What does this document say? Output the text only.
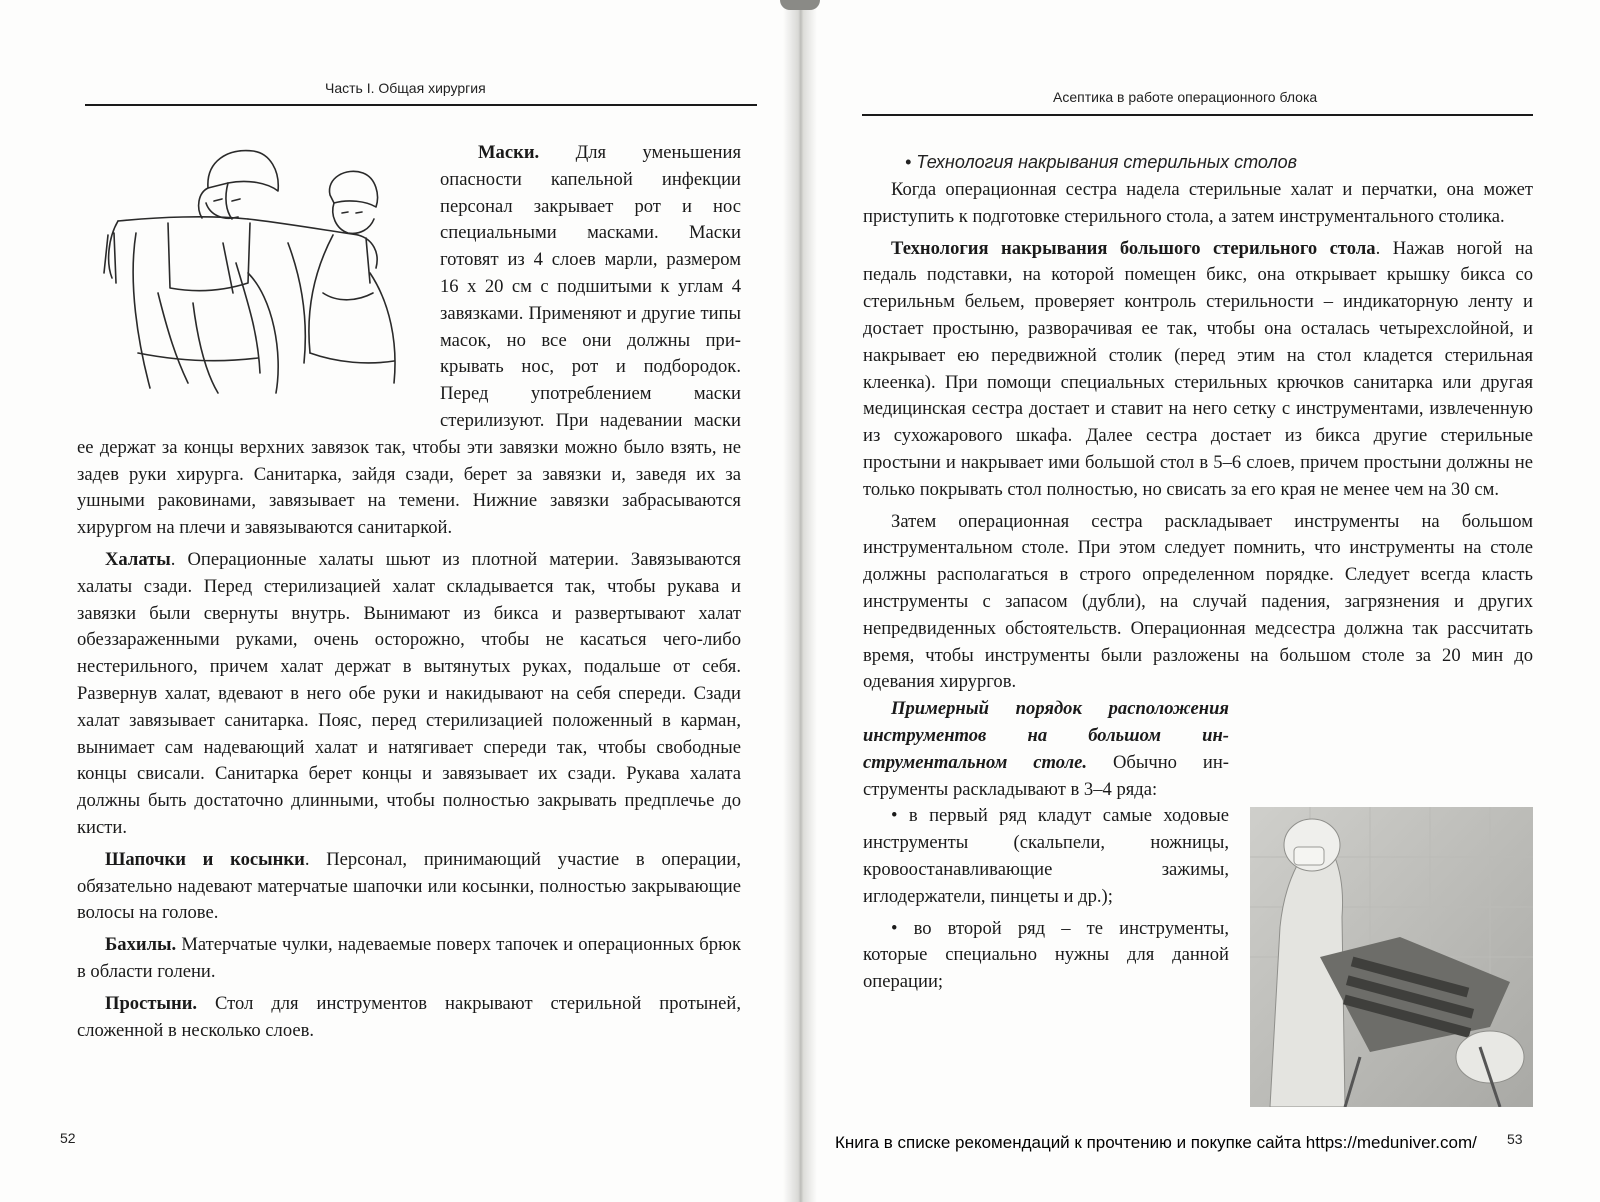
Часть I. Общая хирургия

Маски. Для уменьшения опасности капельной инфекции персонал закрывает рот и нос специальными масками. Маски готовят из 4 слоев марли, размером 16 х 20 см с подшитыми к углам 4 завязками. Применяют и другие типы масок, но все они должны прикрывать нос, рот и подбородок. Перед употреблением маски стерилизуют. При надевании маски ее держат за концы верхних завязок так, чтобы эти завязки можно было взять, не задев руки хирурга. Санитарка, зайдя сзади, берет за завязки и, заведя их за ушными раковинами, завязывает на темени. Нижние завязки забрасываются хирургом на плечи и завязываются санитаркой.

Халаты. Операционные халаты шьют из плотной материи. Завязываются халаты сзади. Перед стерилизацией халат складывается так, чтобы рукава и завязки были свернуты внутрь. Вынимают из бикса и развертывают халат обеззараженными руками, очень осторожно, чтобы не касаться чего-либо нестерильного, причем халат держат в вытянутых руках, подальше от себя. Развернув халат, вдевают в него обе руки и накидывают на себя спереди. Сзади халат завязывает санитарка. Пояс, перед стерилизацией положенный в карман, вынимает сам надевающий халат и натягивает спереди так, чтобы свободные концы свисали. Санитарка берет концы и завязывает их сзади. Рукава халата должны быть достаточно длинными, чтобы полностью закрывать предплечье до кисти.

Шапочки и косынки. Персонал, принимающий участие в операции, обязательно надевают матерчатые шапочки или косынки, полностью закрывающие волосы на голове.

Бахилы. Матерчатые чулки, надеваемые поверх тапочек и операционных брюк в области голени.

Простыни. Стол для инструментов накрывают стерильной протыней, сложенной в несколько слоев.

52
Асептика в работе операционного блока
• Технология накрывания стерильных столов

Когда операционная сестра надела стерильные халат и перчатки, она может приступить к подготовке стерильного стола, а затем инструментального столика.

Технология накрывания большого стерильного стола. Нажав ногой на педаль подставки, на которой помещен бикс, она открывает крышку бикса со стерильньм бельем, проверяет контроль стерильности – индикаторную ленту и достает простыню, разворачивая ее так, чтобы она осталась четырехслойной, и накрывает ею передвижной столик (перед этим на стол кладется стерильная клеенка). При помощи специальных стерильных крючков санитарка или другая медицинская сестра достает и ставит на него сетку с инструментами, извлеченную из сухожарового шкафа. Далее сестра достает из бикса другие стерильные простыни и накрывает ими большой стол в 5–6 слоев, причем простыни должны не только покрывать стол полностью, но свисать за его края не менее чем на 30 см.

Затем операционная сестра раскладывает инструменты на большом инструментальном столе. При этом следует помнить, что инструменты на столе должны располагаться в строго определенном порядке. Следует всегда класть инструменты с запасом (дубли), на случай падения, загрязнения и других непредвиденных обстоятельств. Операционная медсестра должна так рассчитать время, чтобы инструменты были разложены на большом столе за 20 мин до одевания хирургов.

Примерный порядок расположения инструментов на большом инструментальном столе. Обычно инструменты раскладывают в 3–4 ряда:

• в первый ряд кладут самые ходовые инструменты (скальпели, ножницы, кровоостанавливающие зажимы, иглодержатели, пинцеты и др.);
• во второй ряд – те инструменты, которые специально нужны для данной операции;
Книга в списке рекомендаций к прочтению и покупке сайта https://meduniver.com/ 53
